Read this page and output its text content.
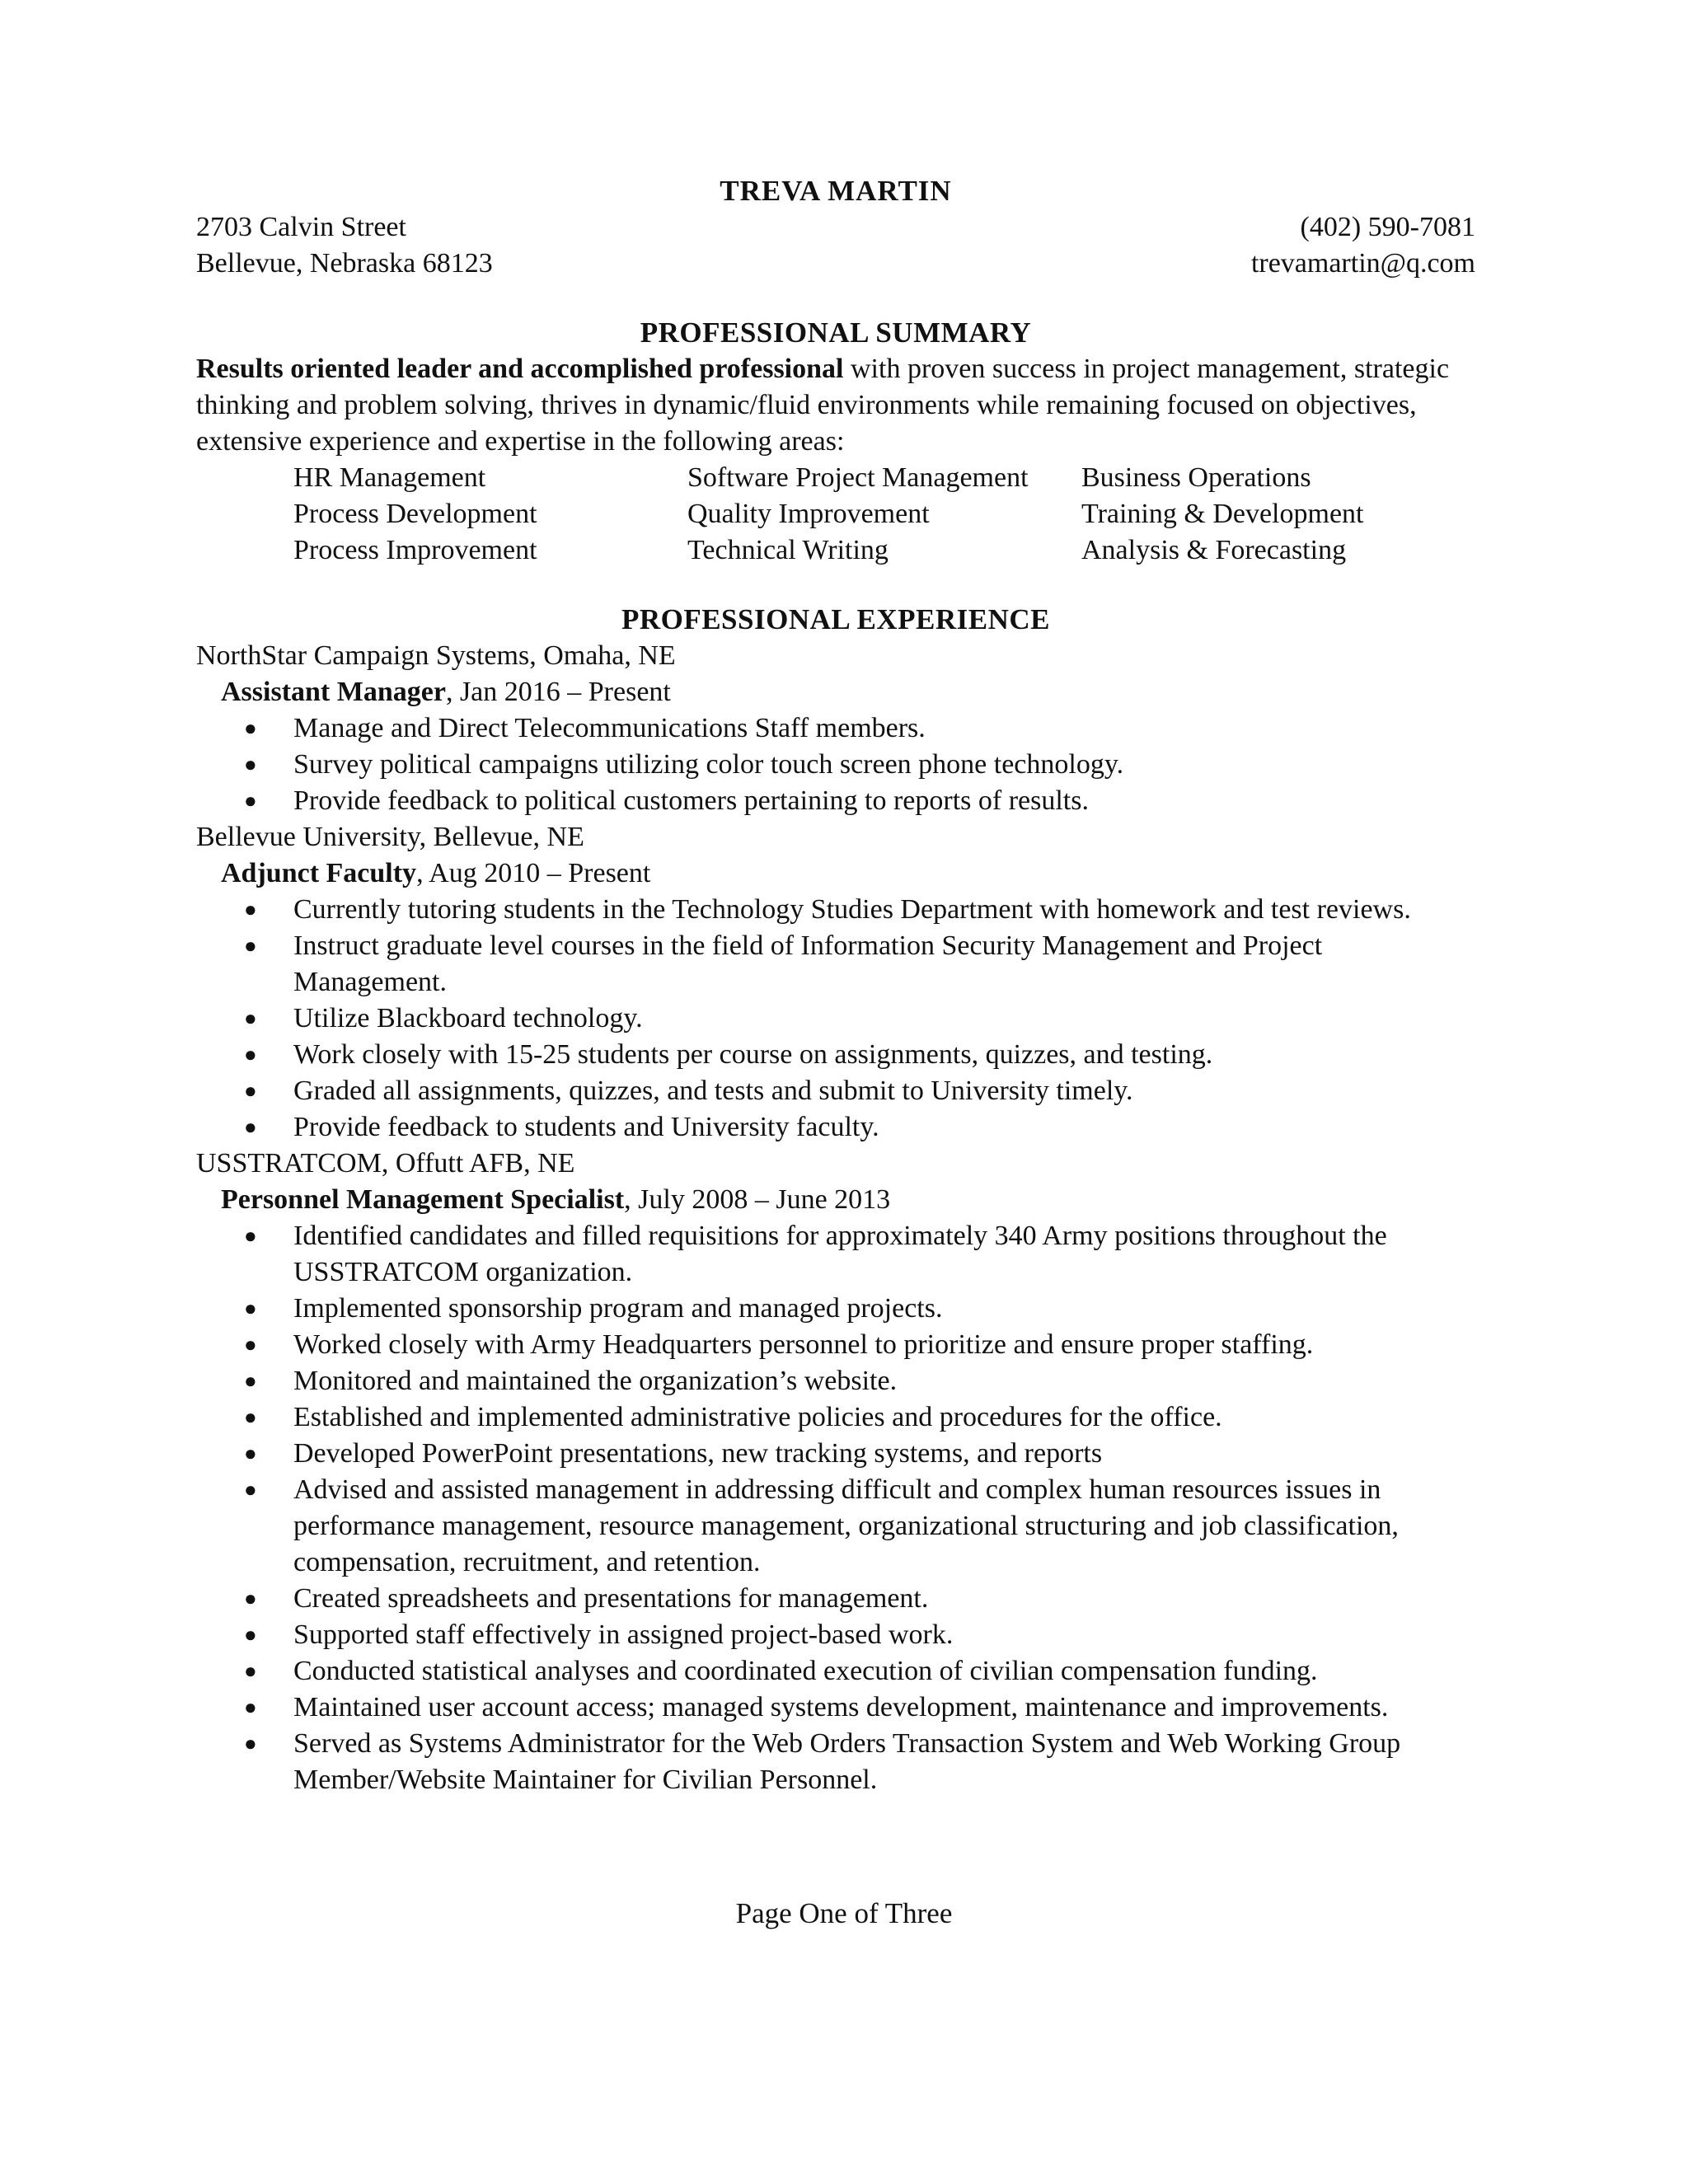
TREVA MARTIN
2703 Calvin Street	(402) 590-7081
Bellevue, Nebraska 68123	trevamartin@q.com
PROFESSIONAL SUMMARY

Results oriented leader and accomplished professional with proven success in project management, strategic thinking and problem solving, thrives in dynamic/fluid environments while remaining focused on objectives, extensive experience and expertise in the following areas:

HR Management	Software Project Management	Business Operations
Process Development	Quality Improvement	Training & Development
Process Improvement	Technical Writing	Analysis & Forecasting
PROFESSIONAL EXPERIENCE

NorthStar Campaign Systems, Omaha, NE

Assistant Manager, Jan 2016 – Present

● Manage and Direct Telecommunications Staff members.
● Survey political campaigns utilizing color touch screen phone technology.
● Provide feedback to political customers pertaining to reports of results.

Bellevue University, Bellevue, NE

Adjunct Faculty, Aug 2010 – Present

● Currently tutoring students in the Technology Studies Department with homework and test reviews.
● Instruct graduate level courses in the field of Information Security Management and Project Management.
● Utilize Blackboard technology.
● Work closely with 15-25 students per course on assignments, quizzes, and testing.
● Graded all assignments, quizzes, and tests and submit to University timely.
● Provide feedback to students and University faculty.

USSTRATCOM, Offutt AFB, NE

Personnel Management Specialist, July 2008 – June 2013

● Identified candidates and filled requisitions for approximately 340 Army positions throughout the USSTRATCOM organization.
● Implemented sponsorship program and managed projects.
● Worked closely with Army Headquarters personnel to prioritize and ensure proper staffing.
● Monitored and maintained the organization’s website.
● Established and implemented administrative policies and procedures for the office.
● Developed PowerPoint presentations, new tracking systems, and reports
● Advised and assisted management in addressing difficult and complex human resources issues in performance management, resource management, organizational structuring and job classification, compensation, recruitment, and retention.
● Created spreadsheets and presentations for management.
● Supported staff effectively in assigned project-based work.
● Conducted statistical analyses and coordinated execution of civilian compensation funding.
● Maintained user account access; managed systems development, maintenance and improvements.
● Served as Systems Administrator for the Web Orders Transaction System and Web Working Group Member/Website Maintainer for Civilian Personnel.
Page One of Three
